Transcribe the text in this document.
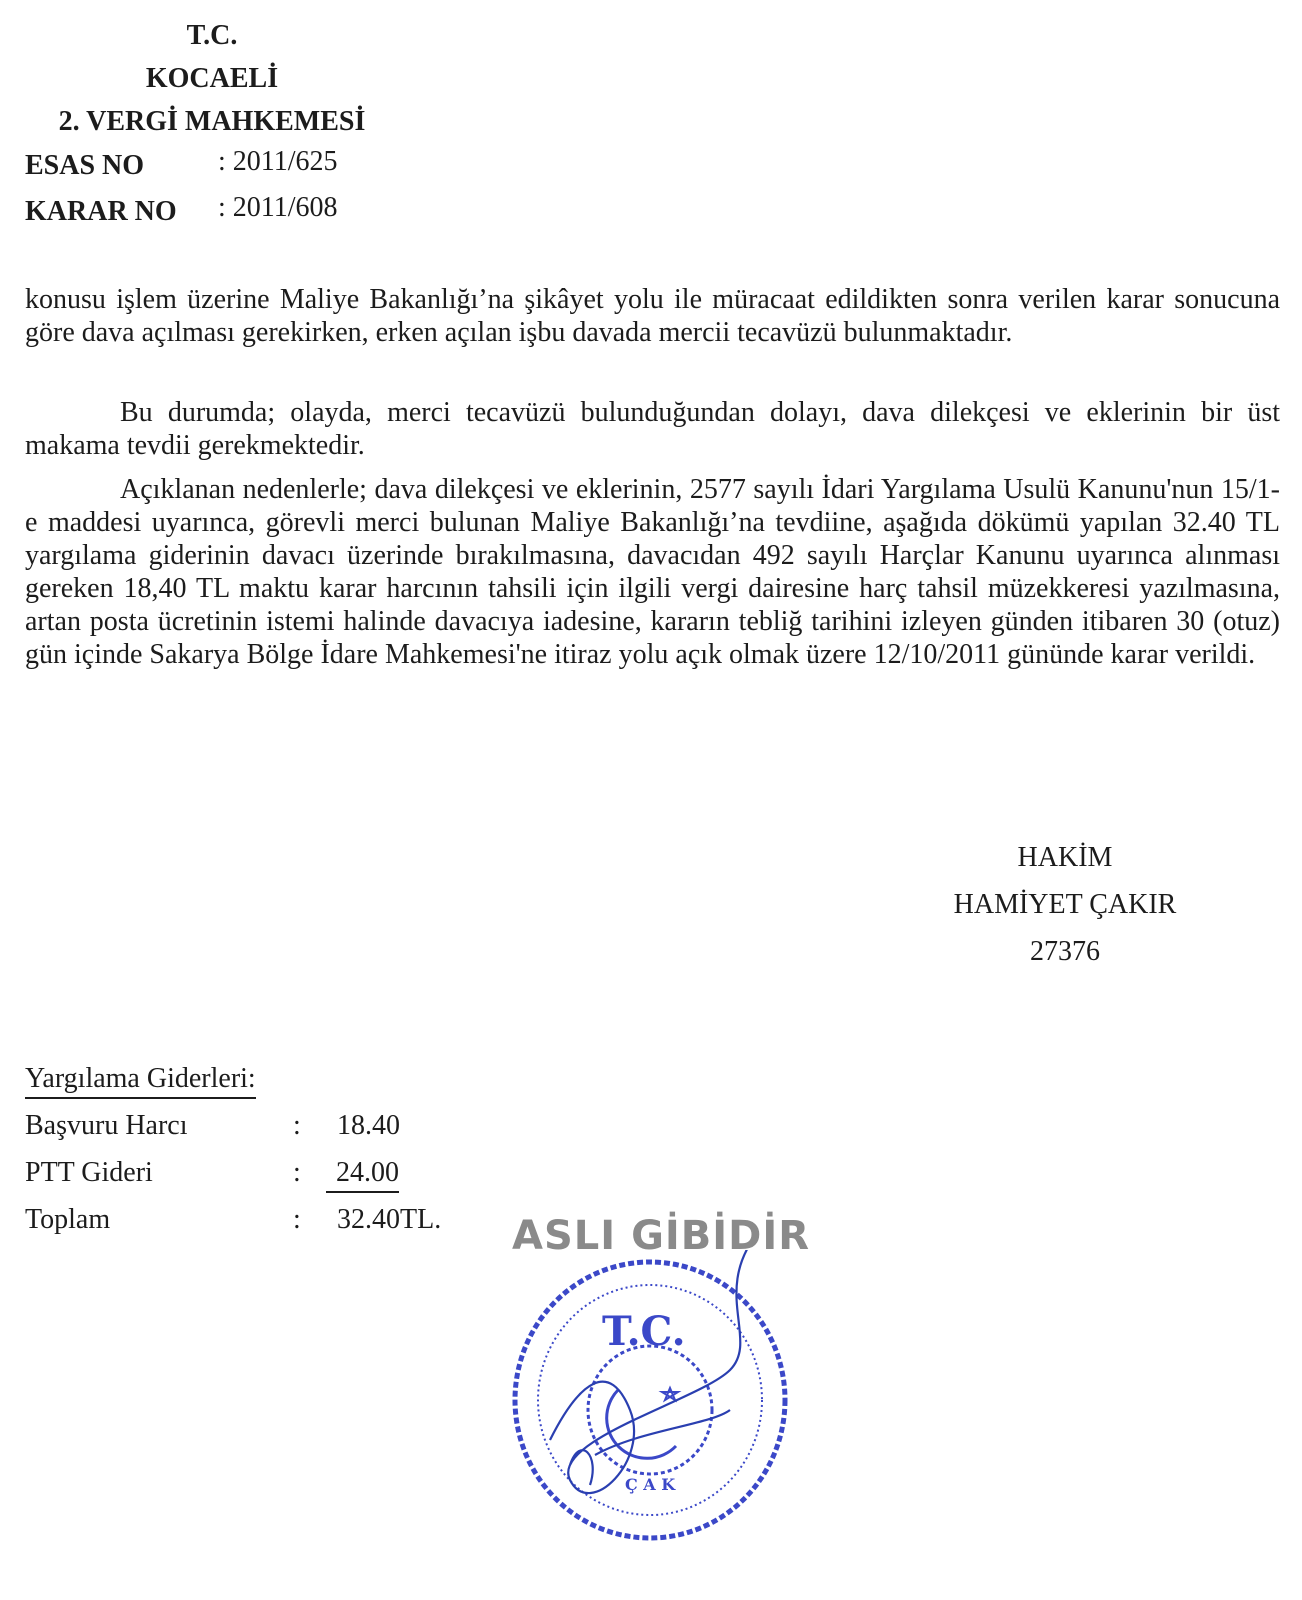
T.C.
KOCAELİ
2. VERGİ MAHKEMESİ
ESAS NO	: 2011/625
KARAR NO : 2011/608
konusu işlem üzerine Maliye Bakanlığı’na şikâyet yolu ile müracaat edildikten sonra verilen karar sonucuna göre dava açılması gerekirken, erken açılan işbu davada mercii tecavüzü bulunmaktadır.
Bu durumda; olayda, merci tecavüzü bulunduğundan dolayı, dava dilekçesi ve eklerinin bir üst makama tevdii gerekmektedir.
Açıklanan nedenlerle; dava dilekçesi ve eklerinin, 2577 sayılı İdari Yargılama Usulü Kanunu'nun 15/1-e maddesi uyarınca, görevli merci bulunan Maliye Bakanlığı’na tevdiine, aşağıda dökümü yapılan 32.40 TL yargılama giderinin davacı üzerinde bırakılmasına, davacıdan 492 sayılı Harçlar Kanunu uyarınca alınması gereken 18,40 TL maktu karar harcının tahsili için ilgili vergi dairesine harç tahsil müzekkeresi yazılmasına, artan posta ücretinin istemi halinde davacıya iadesine, kararın tebliğ tarihini izleyen günden itibaren 30 (otuz) gün içinde Sakarya Bölge İdare Mahkemesi'ne itiraz yolu açık olmak üzere 12/10/2011 gününde karar verildi.
HAKİM
HAMİYET ÇAKIR
27376
Yargılama Giderleri:
Başvuru Harcı	: 18.40
PTT Gideri	:	24.00
Toplam	: 32.40TL. ASLI GİBİDİR
T.C.
Ç A K
